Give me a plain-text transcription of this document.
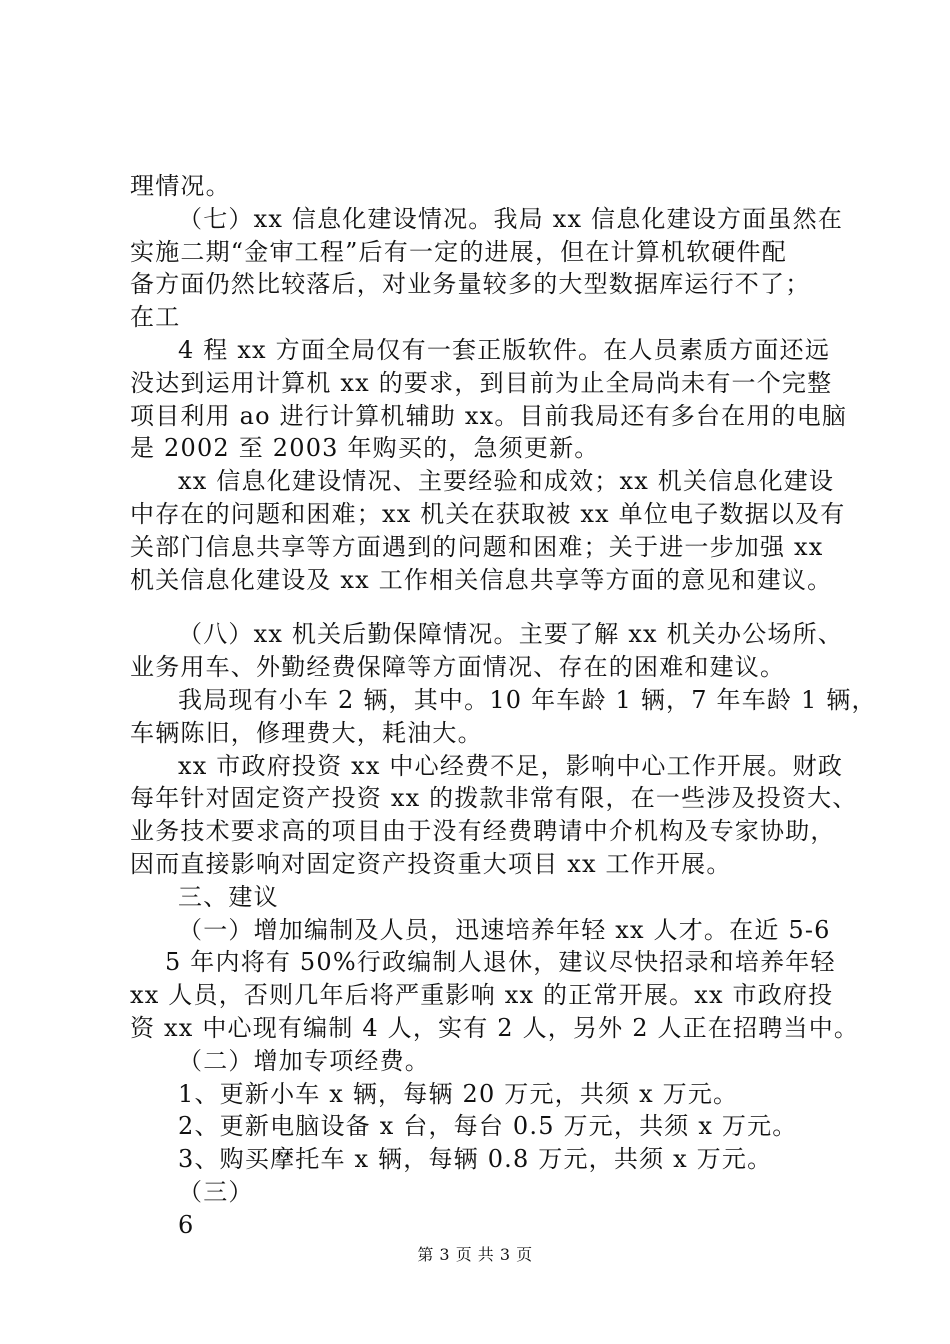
理情况。
（七）xx 信息化建设情况。我局 xx 信息化建设方面虽然在
实施二期“金审工程”后有一定的进展，但在计算机软硬件配
备方面仍然比较落后，对业务量较多的大型数据库运行不了；
在工
4 程 xx 方面全局仅有一套正版软件。在人员素质方面还远
没达到运用计算机 xx 的要求，到目前为止全局尚未有一个完整
项目利用 ao 进行计算机辅助 xx。目前我局还有多台在用的电脑
是 2002 至 2003 年购买的，急须更新。
xx 信息化建设情况、主要经验和成效；xx 机关信息化建设
中存在的问题和困难；xx 机关在获取被 xx 单位电子数据以及有
关部门信息共享等方面遇到的问题和困难；关于进一步加强 xx
机关信息化建设及 xx 工作相关信息共享等方面的意见和建议。
（八）xx 机关后勤保障情况。主要了解 xx 机关办公场所、
业务用车、外勤经费保障等方面情况、存在的困难和建议。
我局现有小车 2 辆，其中。10 年车龄 1 辆，7 年车龄 1 辆，
车辆陈旧，修理费大，耗油大。
xx 市政府投资 xx 中心经费不足，影响中心工作开展。财政
每年针对固定资产投资 xx 的拨款非常有限，在一些涉及投资大、
业务技术要求高的项目由于没有经费聘请中介机构及专家协助，
因而直接影响对固定资产投资重大项目 xx 工作开展。
三、建议
（一）增加编制及人员，迅速培养年轻 xx 人才。在近 5-6
5 年内将有 50%行政编制人退休，建议尽快招录和培养年轻
xx 人员，否则几年后将严重影响 xx 的正常开展。xx 市政府投
资 xx 中心现有编制 4 人，实有 2 人，另外 2 人正在招聘当中。
（二）增加专项经费。
1、更新小车 x 辆，每辆 20 万元，共须 x 万元。
2、更新电脑设备 x 台，每台 0.5 万元，共须 x 万元。
3、购买摩托车 x 辆，每辆 0.8 万元，共须 x 万元。
（三）
6
第 3 页 共 3 页
